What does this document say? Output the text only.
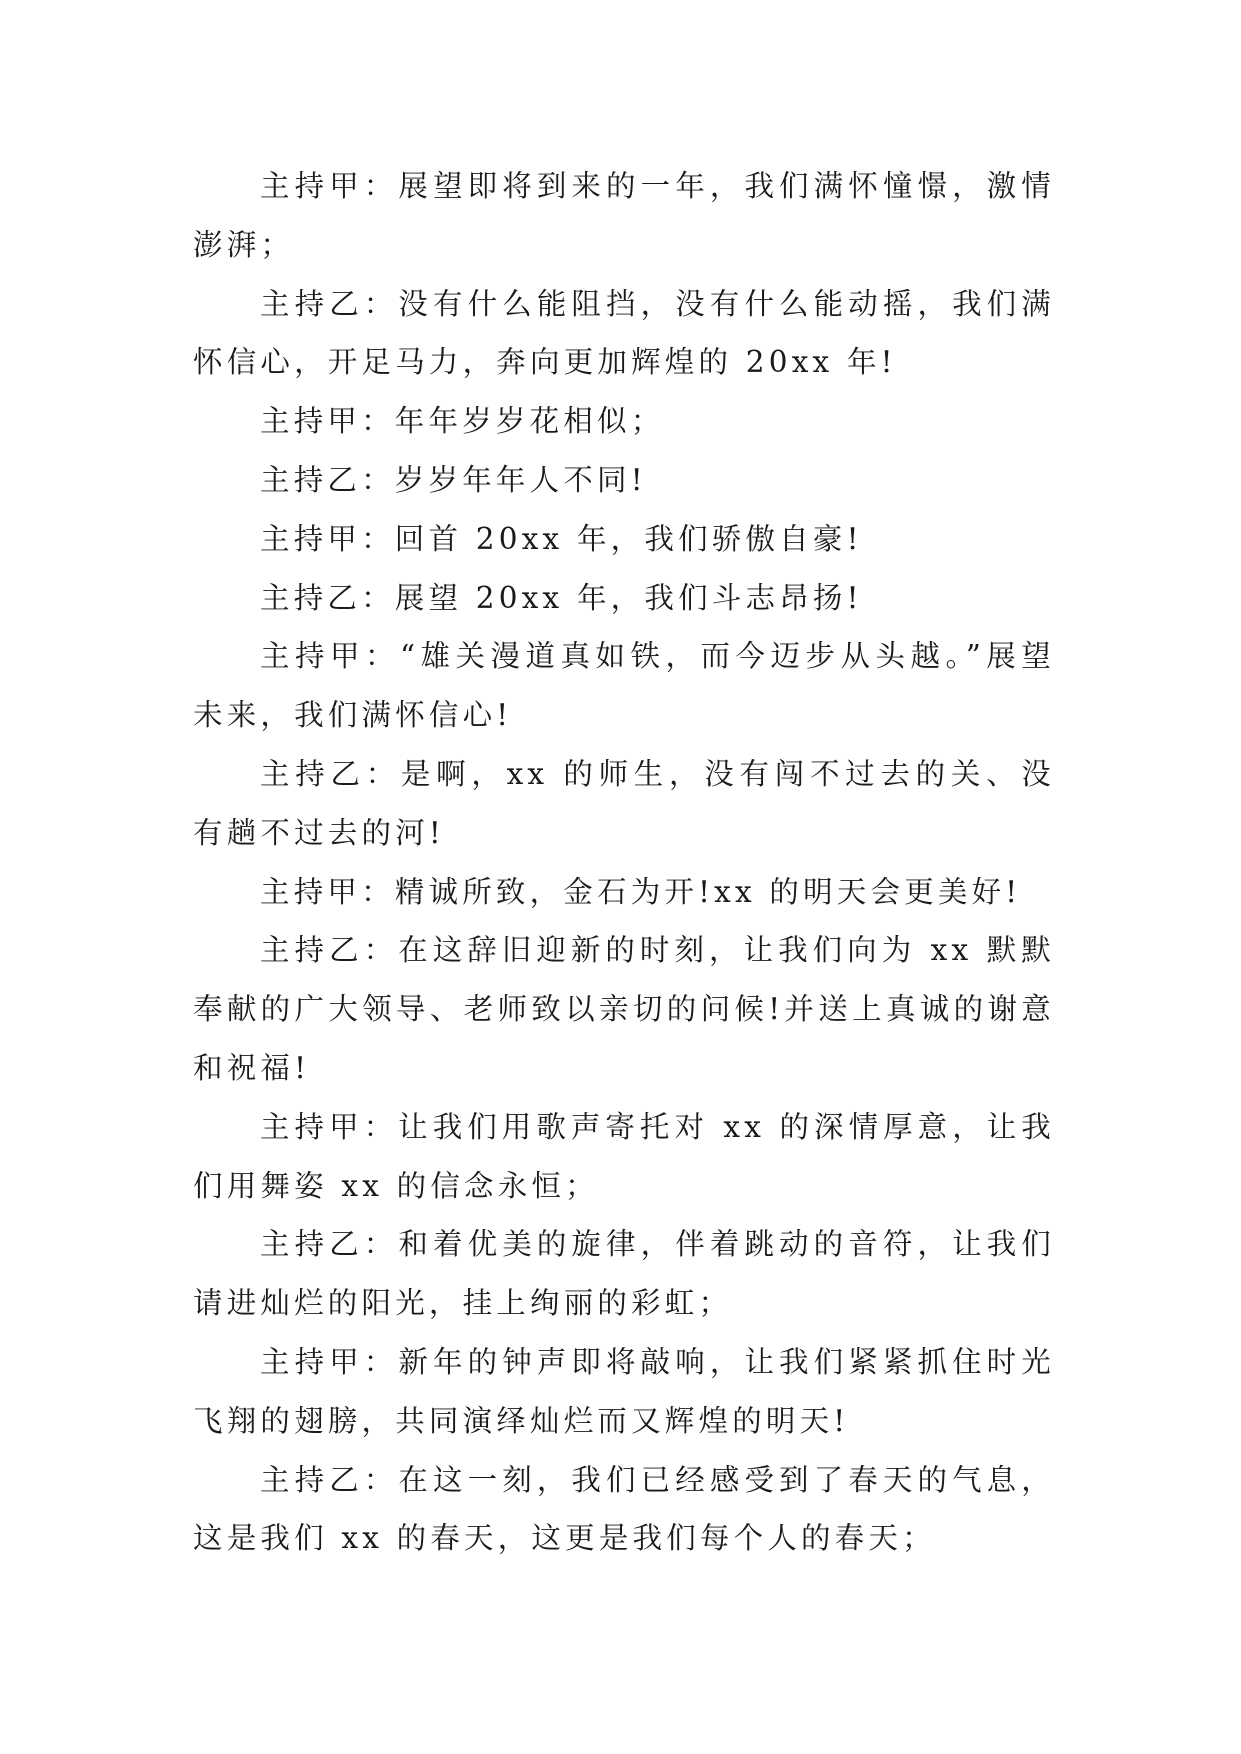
主持甲：展望即将到来的一年，我们满怀憧憬，激情澎湃；

主持乙：没有什么能阻挡，没有什么能动摇，我们满怀信心，开足马力，奔向更加辉煌的 20xx 年!

主持甲：年年岁岁花相似；

主持乙：岁岁年年人不同!

主持甲：回首 20xx 年，我们骄傲自豪!

主持乙：展望 20xx 年，我们斗志昂扬!

主持甲：“雄关漫道真如铁，而今迈步从头越。”展望未来，我们满怀信心!

主持乙：是啊，xx 的师生，没有闯不过去的关、没有趟不过去的河!

主持甲：精诚所致，金石为开!xx 的明天会更美好!

主持乙：在这辞旧迎新的时刻，让我们向为 xx 默默奉献的广大领导、老师致以亲切的问候!并送上真诚的谢意和祝福!

主持甲：让我们用歌声寄托对 xx 的深情厚意，让我们用舞姿 xx 的信念永恒；

主持乙：和着优美的旋律，伴着跳动的音符，让我们请进灿烂的阳光，挂上绚丽的彩虹；

主持甲：新年的钟声即将敲响，让我们紧紧抓住时光飞翔的翅膀，共同演绎灿烂而又辉煌的明天!

主持乙：在这一刻，我们已经感受到了春天的气息，这是我们 xx 的春天，这更是我们每个人的春天；
